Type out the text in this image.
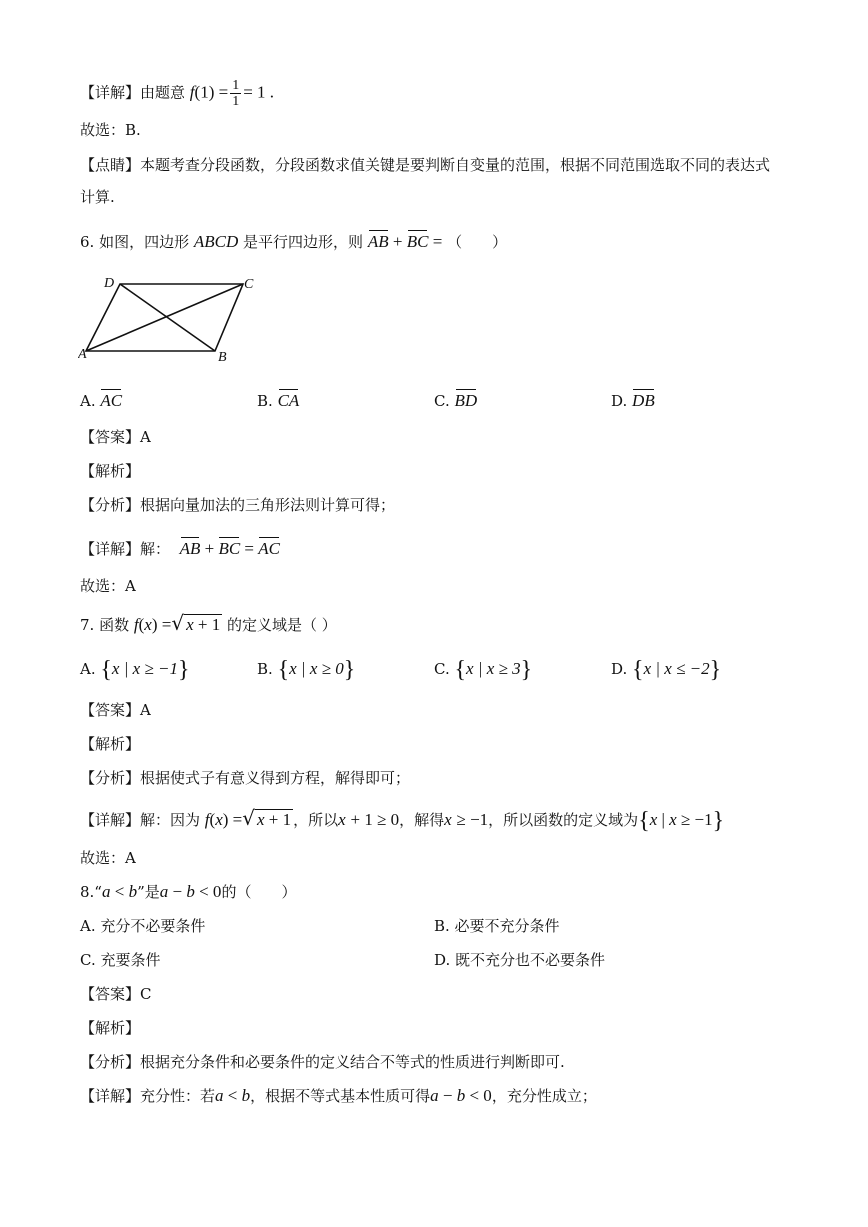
【详解】由题意 $f(1) = \frac{1}{1} = 1$ .
故选：B.
【点睛】本题考查分段函数，分段函数求值关键是要判断自变量的范围，根据不同范围选取不同的表达式
计算.
6. 如图，四边形 ABCD 是平行四边形，则 AB + BC = （　　）
A	B
C
D
A. AC	B. CA	C. BD	D. DB
【答案】A
【解析】
【分析】根据向量加法的三角形法则计算可得；
【详解】解： AB + BC = AC
故选：A
7. 函数 f(x) =√ x + 1 的定义域是（ ）
A. {x | x ≥ −1}	B. {x | x ≥ 0}	C. {x | x ≥ 3}	D. {x | x ≤ −2}
【答案】A
【解析】
【分析】根据使式子有意义得到方程，解得即可；
【详解】解：因为 f(x) =√ x + 1 ，所以x + 1 ≥ 0，解得x ≥ −1，所以函数的定义域为{x | x ≥ −1}
故选：A
8.“a < b”是a − b < 0的（　　）
A. 充分不必要条件	B. 必要不充分条件
C. 充要条件	D. 既不充分也不必要条件
【答案】C
【解析】
【分析】根据充分条件和必要条件的定义结合不等式的性质进行判断即可.
【详解】充分性：若a < b，根据不等式基本性质可得a − b < 0，充分性成立；
